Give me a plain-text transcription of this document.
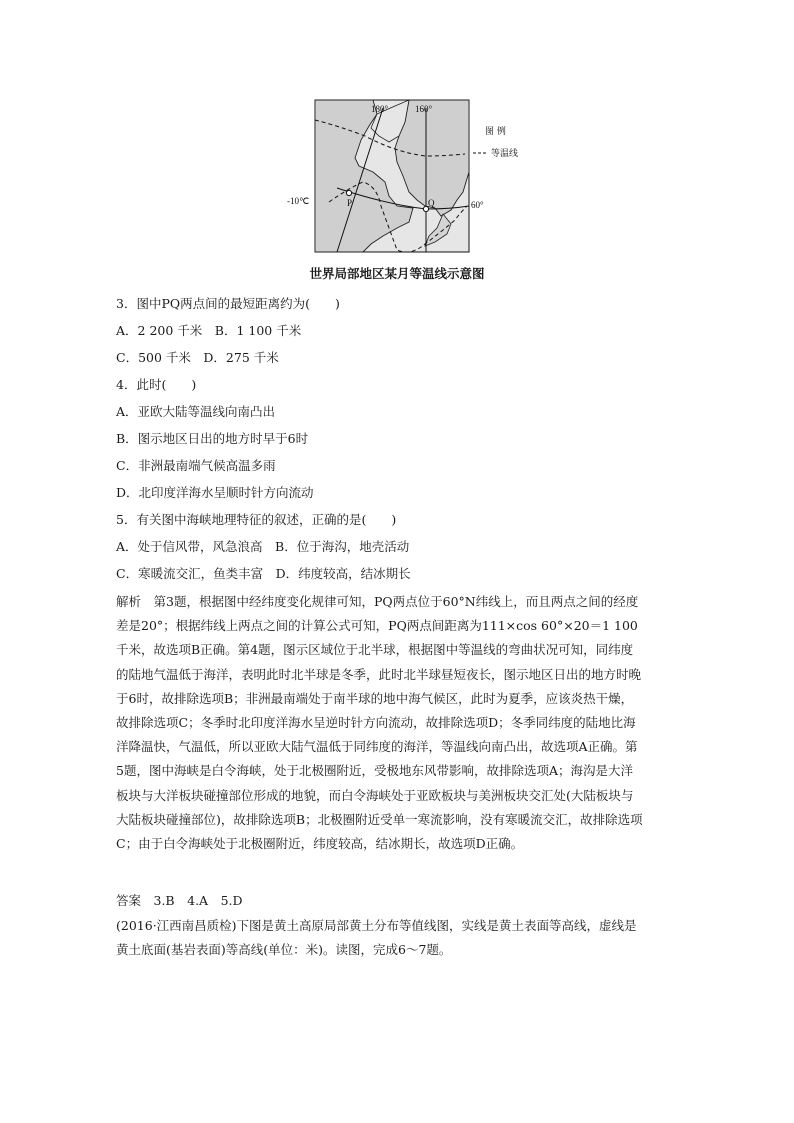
180°	160°
图 例
等温线
-10℃	P	Q	60°
世界局部地区某月等温线示意图
3．图中PQ两点间的最短距离约为(　　)
A．2 200 千米　B．1 100 千米
C．500 千米　D．275 千米
4．此时(　　)
A．亚欧大陆等温线向南凸出
B．图示地区日出的地方时早于6时
C．非洲最南端气候高温多雨
D．北印度洋海水呈顺时针方向流动
5．有关图中海峡地理特征的叙述，正确的是(　　)
A．处于信风带，风急浪高　B．位于海沟，地壳活动
C．寒暖流交汇，鱼类丰富　D．纬度较高，结冰期长
解析　第3题，根据图中经纬度变化规律可知，PQ两点位于60°N纬线上，而且两点之间的经度
差是20°；根据纬线上两点之间的计算公式可知，PQ两点间距离为111×cos 60°×20＝1 100
千米，故选项B正确。第4题，图示区域位于北半球，根据图中等温线的弯曲状况可知，同纬度
的陆地气温低于海洋，表明此时北半球是冬季，此时北半球昼短夜长，图示地区日出的地方时晚
于6时，故排除选项B；非洲最南端处于南半球的地中海气候区，此时为夏季，应该炎热干燥，
故排除选项C；冬季时北印度洋海水呈逆时针方向流动，故排除选项D；冬季同纬度的陆地比海
洋降温快，气温低，所以亚欧大陆气温低于同纬度的海洋，等温线向南凸出，故选项A正确。第
5题，图中海峡是白令海峡，处于北极圈附近，受极地东风带影响，故排除选项A；海沟是大洋
板块与大洋板块碰撞部位形成的地貌，而白令海峡处于亚欧板块与美洲板块交汇处(大陆板块与
大陆板块碰撞部位)，故排除选项B；北极圈附近受单一寒流影响，没有寒暖流交汇，故排除选项
C；由于白令海峡处于北极圈附近，纬度较高，结冰期长，故选项D正确。
答案　3.B　4.A　5.D
(2016·江西南昌质检)下图是黄土高原局部黄土分布等值线图，实线是黄土表面等高线，虚线是
黄土底面(基岩表面)等高线(单位：米)。读图，完成6～7题。
